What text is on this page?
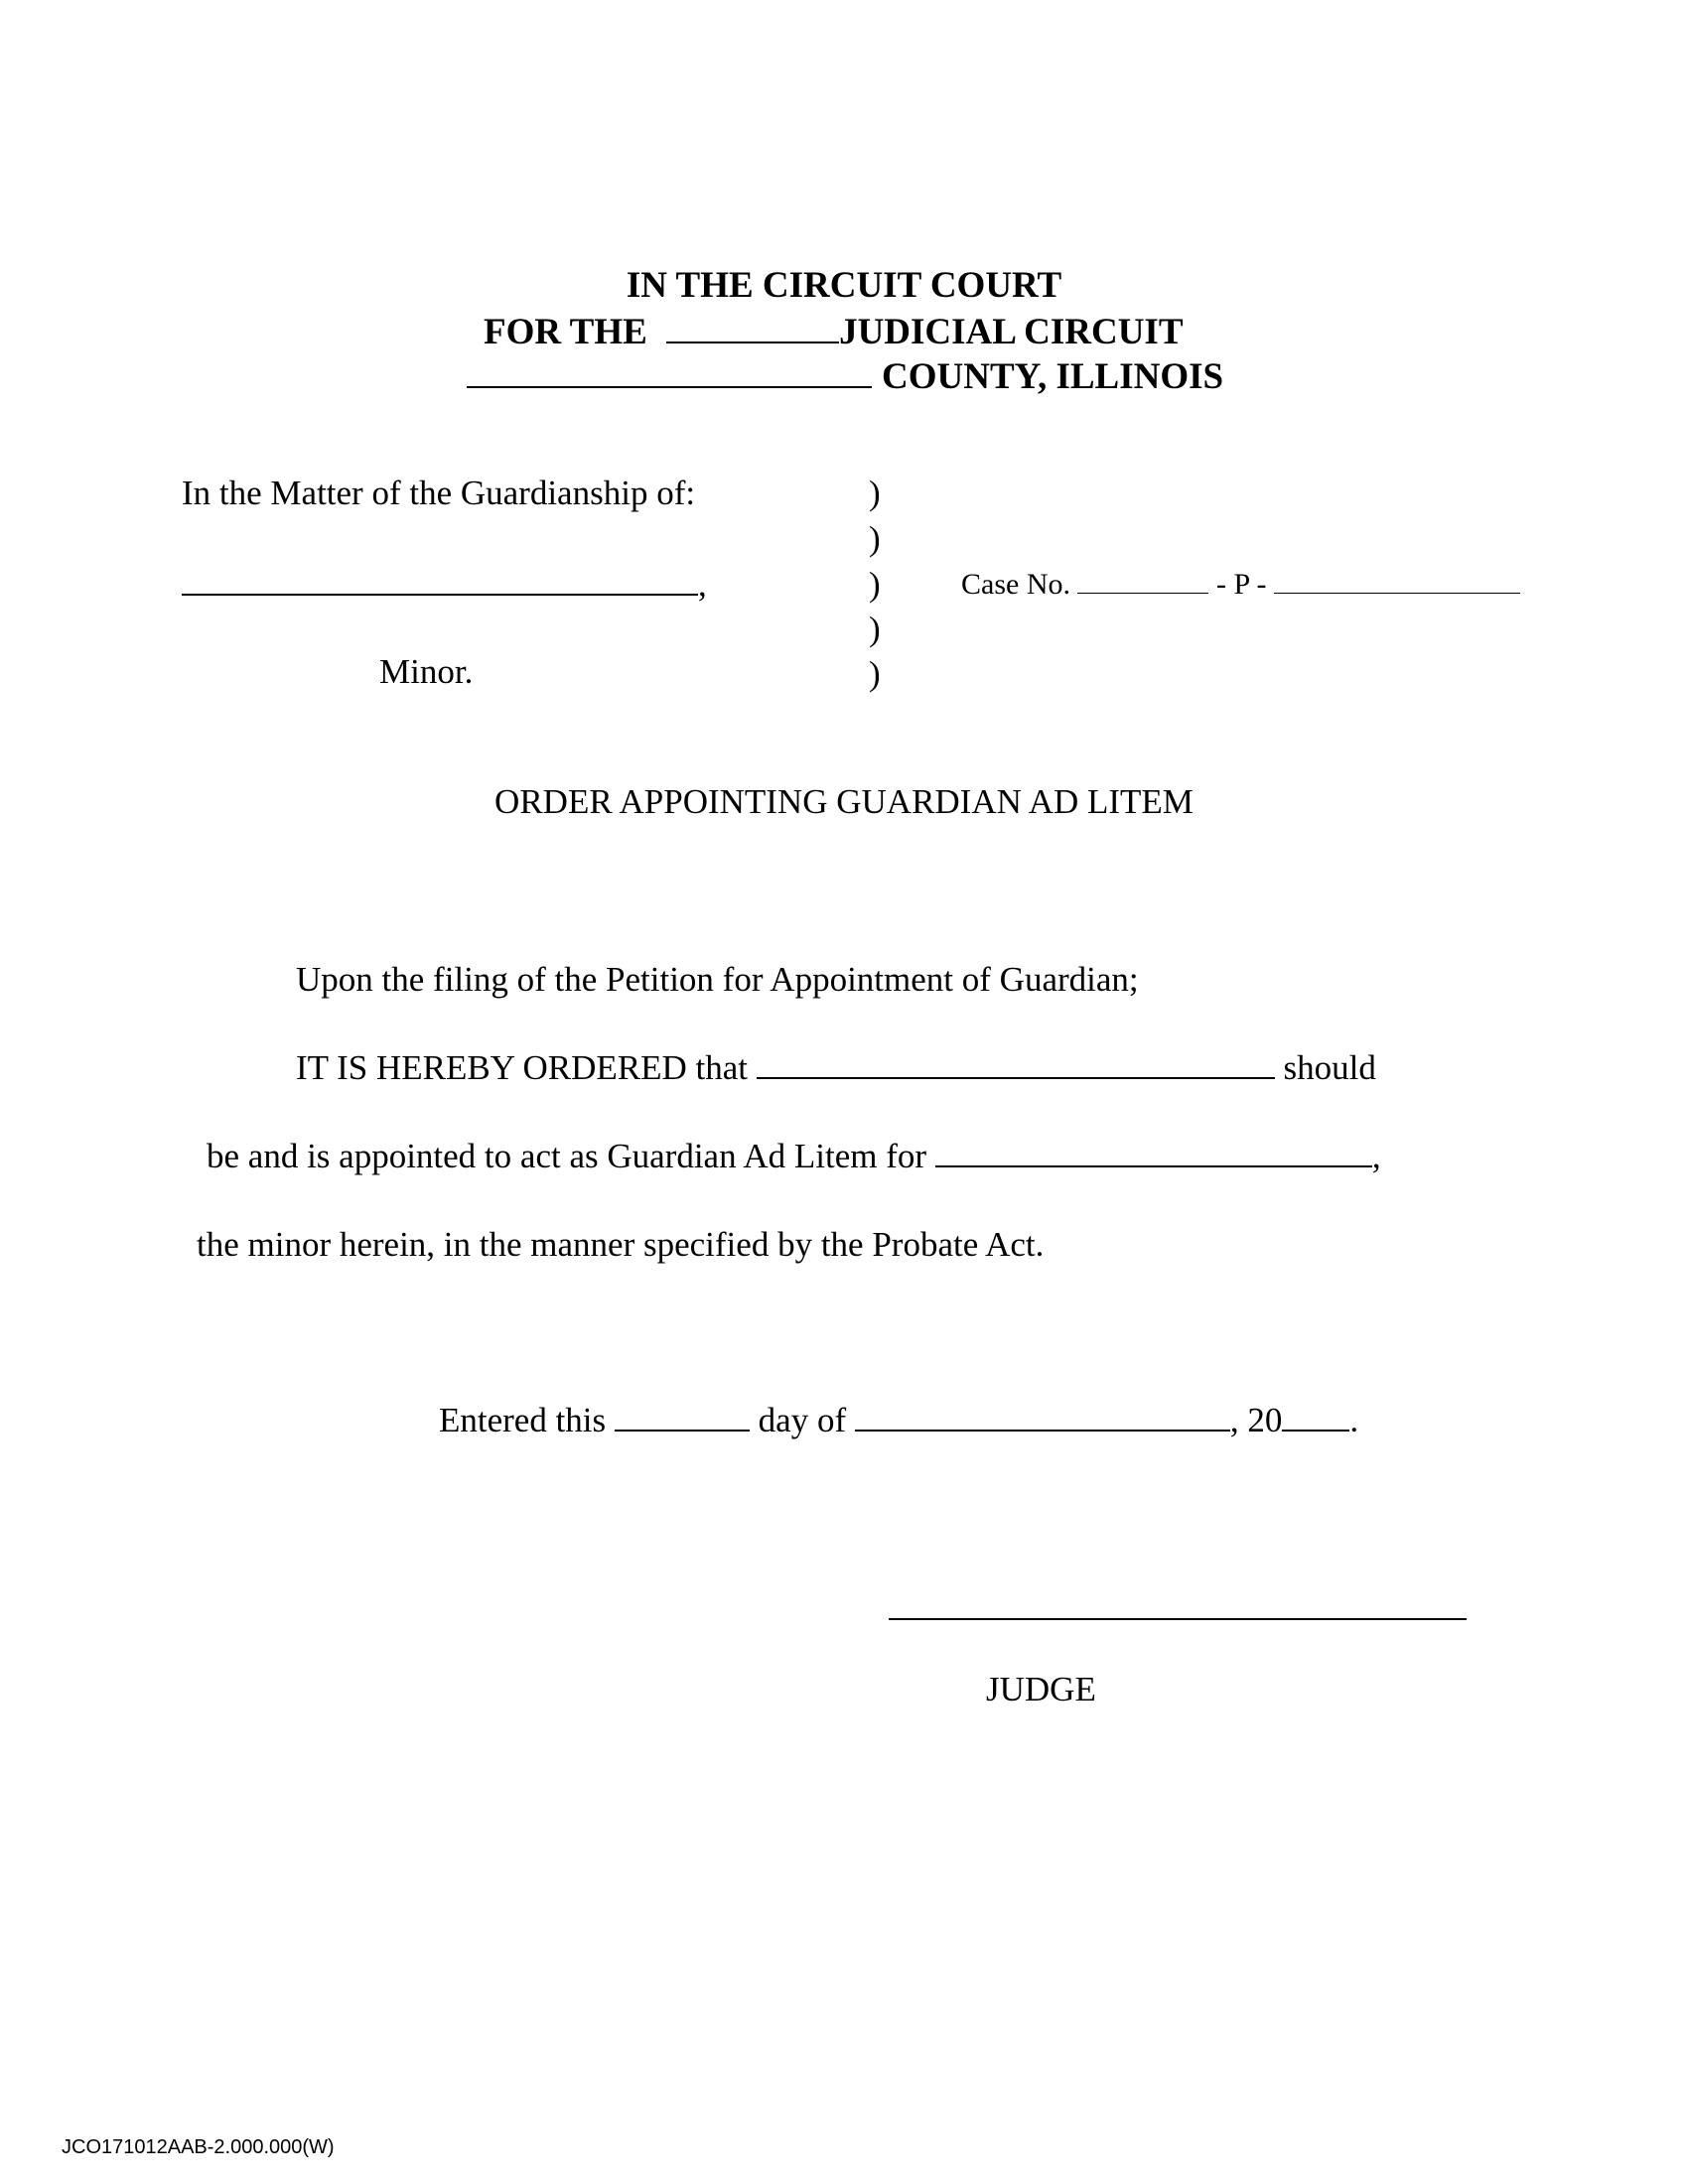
IN THE CIRCUIT COURT
FOR THE	JUDICIAL CIRCUIT
COUNTY, ILLINOIS
In the Matter of the Guardianship of:
,
Minor.
)
)
)
)
)
Case No.	- P -
ORDER APPOINTING GUARDIAN AD LITEM
Upon the filing of the Petition for Appointment of Guardian;
IT IS HEREBY ORDERED that	should
be and is appointed to act as Guardian Ad Litem for	,
the minor herein, in the manner specified by the Probate Act.
Entered this	day of	, 20 .
JUDGE
JCO171012AAB-2.000.000(W)
